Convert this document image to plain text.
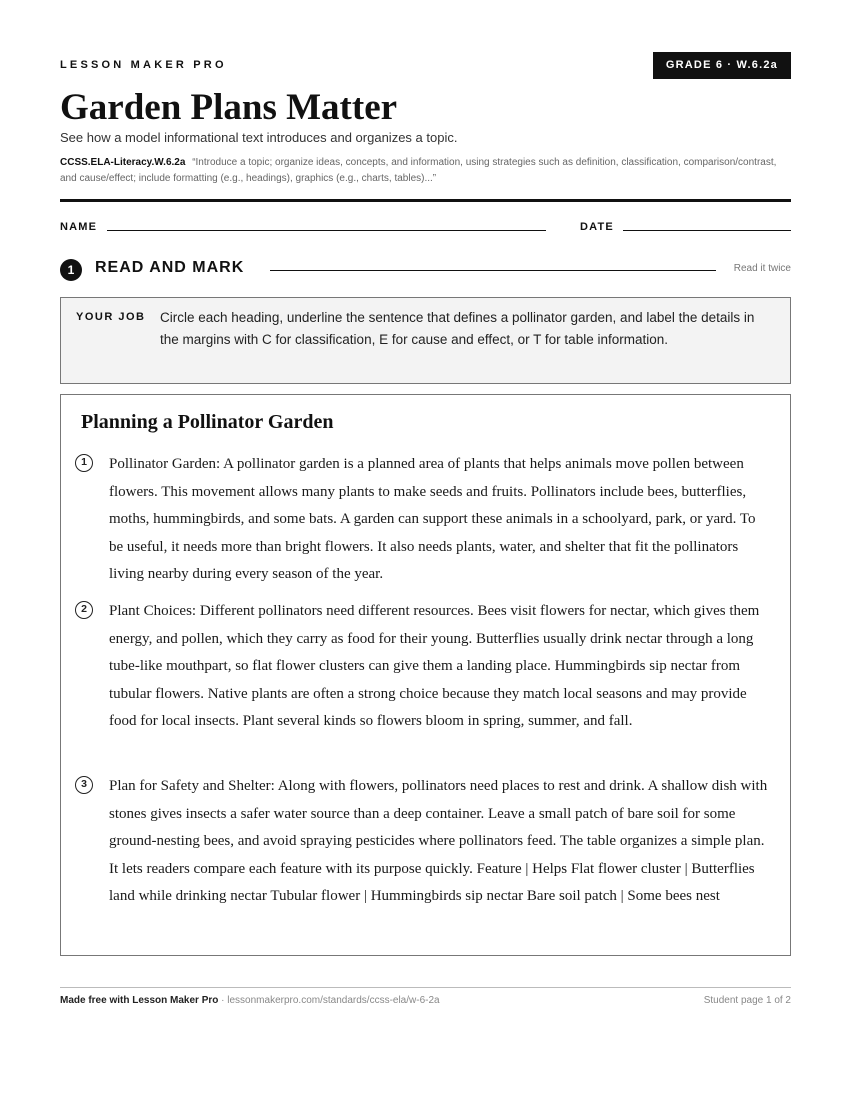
LESSON MAKER PRO	GRADE 6 · W.6.2a
Garden Plans Matter
See how a model informational text introduces and organizes a topic.
CCSS.ELA-Literacy.W.6.2a “Introduce a topic; organize ideas, concepts, and information, using strategies such as definition, classification, comparison/contrast, and cause/effect; include formatting (e.g., headings), graphics (e.g., charts, tables)...”
NAME	DATE
1	READ AND MARK	Read it twice
YOUR JOB Circle each heading, underline the sentence that defines a pollinator garden, and label the details in the margins with C for classification, E for cause and effect, or T for table information.
Planning a Pollinator Garden
1	Pollinator Garden: A pollinator garden is a planned area of plants that helps animals move pollen between flowers. This movement allows many plants to make seeds and fruits. Pollinators include bees, butterflies, moths, hummingbirds, and some bats. A garden can support these animals in a schoolyard, park, or yard. To be useful, it needs more than bright flowers. It also needs plants, water, and shelter that fit the pollinators living nearby during every season of the year.
2	Plant Choices: Different pollinators need different resources. Bees visit flowers for nectar, which gives them energy, and pollen, which they carry as food for their young. Butterflies usually drink nectar through a long tube-like mouthpart, so flat flower clusters can give them a landing place. Hummingbirds sip nectar from tubular flowers. Native plants are often a strong choice because they match local seasons and may provide food for local insects. Plant several kinds so flowers bloom in spring, summer, and fall.
3	Plan for Safety and Shelter: Along with flowers, pollinators need places to rest and drink. A shallow dish with stones gives insects a safer water source than a deep container. Leave a small patch of bare soil for some ground-nesting bees, and avoid spraying pesticides where pollinators feed. The table organizes a simple plan. It lets readers compare each feature with its purpose quickly. Feature | Helps Flat flower cluster | Butterflies land while drinking nectar Tubular flower | Hummingbirds sip nectar Bare soil patch | Some bees nest
Made free with Lesson Maker Pro · lessonmakerpro.com/standards/ccss-ela/w-6-2a	Student page 1 of 2
